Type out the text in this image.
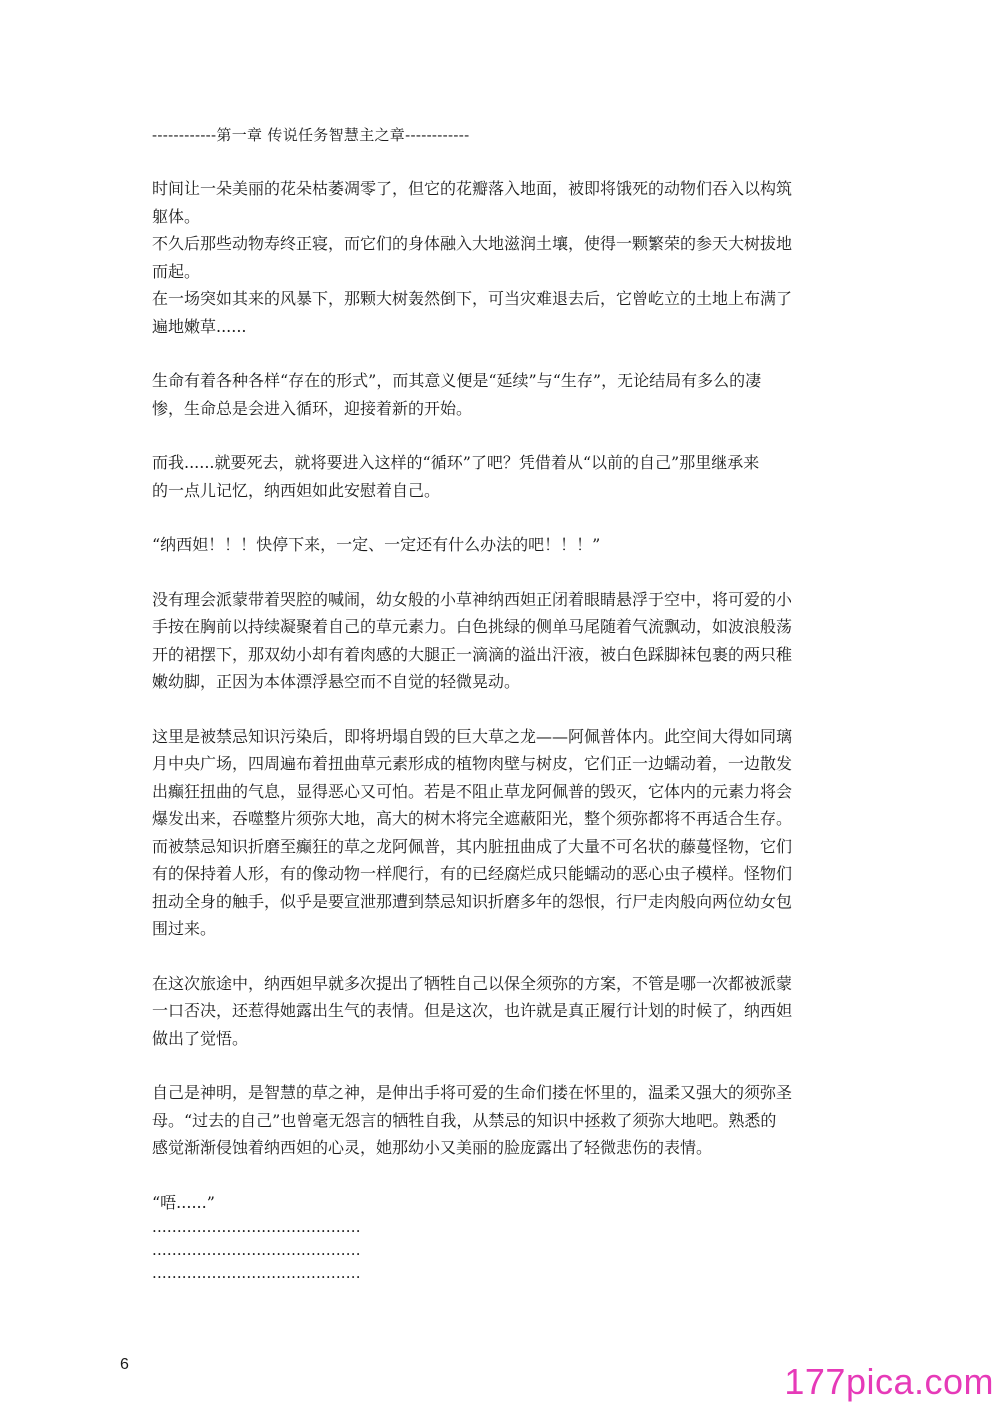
------------第一章 传说任务智慧主之章------------
时间让一朵美丽的花朵枯萎凋零了，但它的花瓣落入地面，被即将饿死的动物们吞入以构筑
躯体。
不久后那些动物寿终正寝，而它们的身体融入大地滋润土壤，使得一颗繁荣的参天大树拔地
而起。
在一场突如其来的风暴下，那颗大树轰然倒下，可当灾难退去后，它曾屹立的土地上布满了
遍地嫩草......
生命有着各种各样“存在的形式”，而其意义便是“延续”与“生存”，无论结局有多么的凄
惨，生命总是会进入循环，迎接着新的开始。
而我......就要死去，就将要进入这样的“循环”了吧？凭借着从“以前的自己”那里继承来
的一点儿记忆，纳西妲如此安慰着自己。
“纳西妲！！！快停下来，一定、一定还有什么办法的吧！！！”
没有理会派蒙带着哭腔的喊闹，幼女般的小草神纳西妲正闭着眼睛悬浮于空中，将可爱的小
手按在胸前以持续凝聚着自己的草元素力。白色挑绿的侧单马尾随着气流飘动，如波浪般荡
开的裙摆下，那双幼小却有着肉感的大腿正一滴滴的溢出汗液，被白色踩脚袜包裹的两只稚
嫩幼脚，正因为本体漂浮悬空而不自觉的轻微晃动。
这里是被禁忌知识污染后，即将坍塌自毁的巨大草之龙——阿佩普体内。此空间大得如同璃
月中央广场，四周遍布着扭曲草元素形成的植物肉壁与树皮，它们正一边蠕动着，一边散发
出癫狂扭曲的气息，显得恶心又可怕。若是不阻止草龙阿佩普的毁灭，它体内的元素力将会
爆发出来，吞噬整片须弥大地，高大的树木将完全遮蔽阳光，整个须弥都将不再适合生存。
而被禁忌知识折磨至癫狂的草之龙阿佩普，其内脏扭曲成了大量不可名状的藤蔓怪物，它们
有的保持着人形，有的像动物一样爬行，有的已经腐烂成只能蠕动的恶心虫子模样。怪物们
扭动全身的触手，似乎是要宣泄那遭到禁忌知识折磨多年的怨恨，行尸走肉般向两位幼女包
围过来。
在这次旅途中，纳西妲早就多次提出了牺牲自己以保全须弥的方案，不管是哪一次都被派蒙
一口否决，还惹得她露出生气的表情。但是这次，也许就是真正履行计划的时候了，纳西妲
做出了觉悟。
自己是神明，是智慧的草之神，是伸出手将可爱的生命们搂在怀里的，温柔又强大的须弥圣
母。“过去的自己”也曾毫无怨言的牺牲自我，从禁忌的知识中拯救了须弥大地吧。熟悉的
感觉渐渐侵蚀着纳西妲的心灵，她那幼小又美丽的脸庞露出了轻微悲伤的表情。
“唔......”
..........................................
..........................................
..........................................
6	177pica.com
